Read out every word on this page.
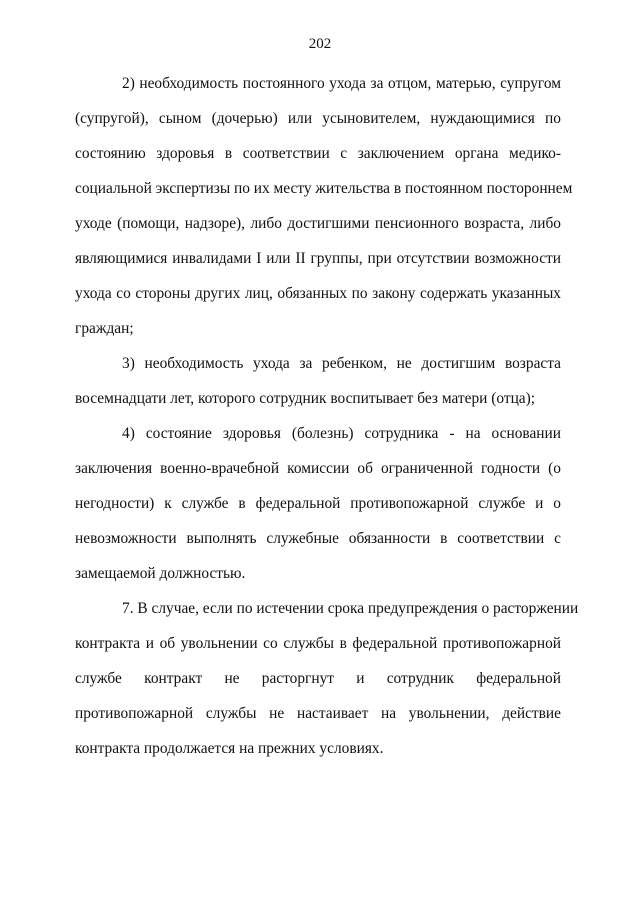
202
2) необходимость постоянного ухода за отцом, матерью, супругом
(супругой), сыном (дочерью) или усыновителем, нуждающимися по
состоянию здоровья в соответствии с заключением органа медико-
социальной экспертизы по их месту жительства в постоянном постороннем
уходе (помощи, надзоре), либо достигшими пенсионного возраста, либо
являющимися инвалидами I или II группы, при отсутствии возможности
ухода со стороны других лиц, обязанных по закону содержать указанных
граждан;
3) необходимость ухода за ребенком, не достигшим возраста
восемнадцати лет, которого сотрудник воспитывает без матери (отца);
4) состояние здоровья (болезнь) сотрудника - на основании
заключения военно-врачебной комиссии об ограниченной годности (о
негодности) к службе в федеральной противопожарной службе и о
невозможности выполнять служебные обязанности в соответствии с
замещаемой должностью.
7. В случае, если по истечении срока предупреждения о расторжении
контракта и об увольнении со службы в федеральной противопожарной
службе контракт не расторгнут и сотрудник федеральной
противопожарной службы не настаивает на увольнении, действие
контракта продолжается на прежних условиях.
